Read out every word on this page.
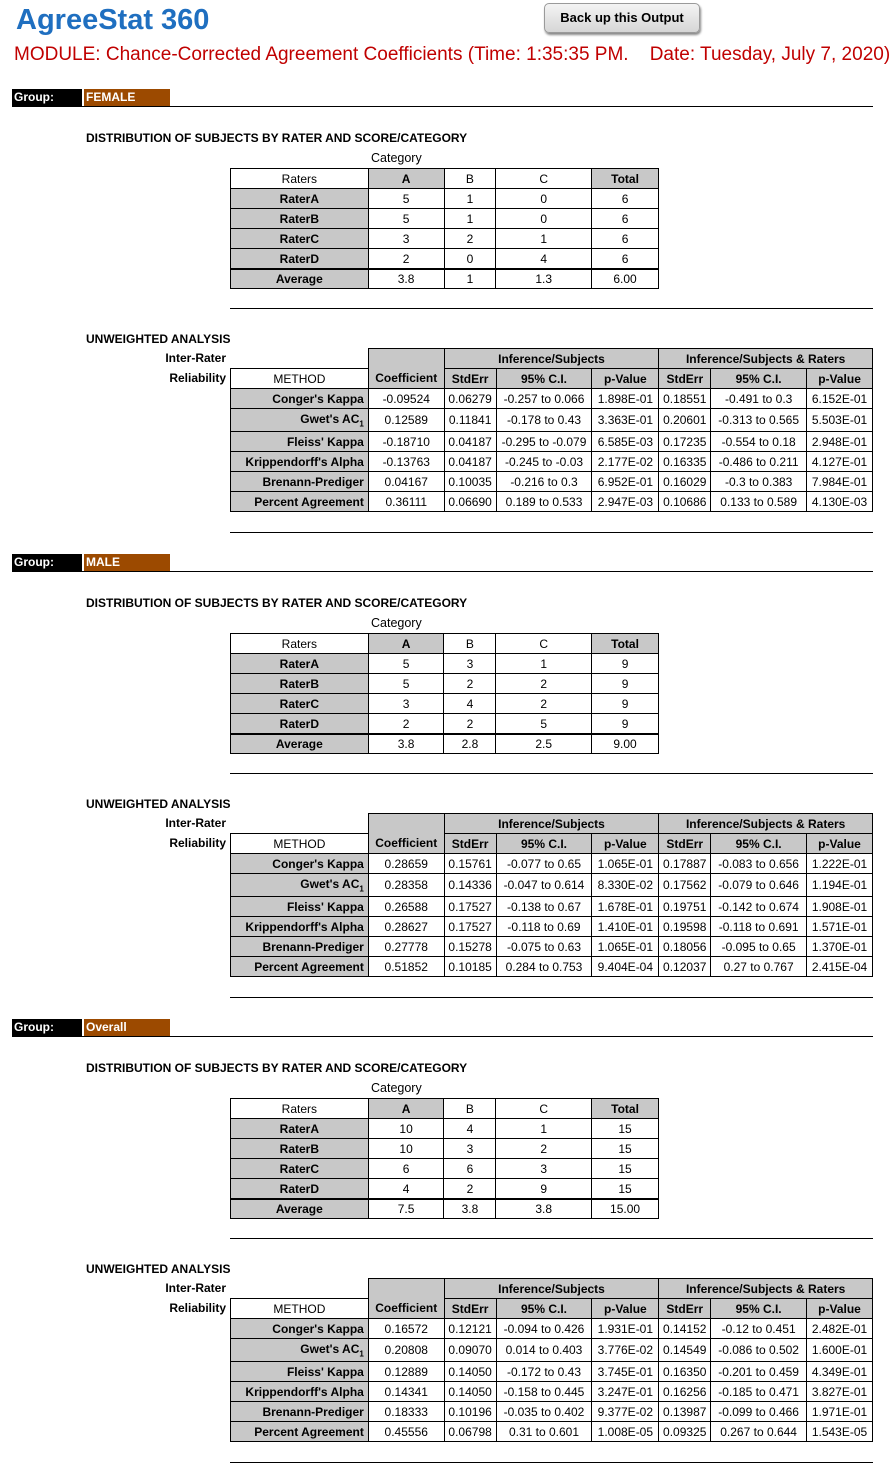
AgreeStat 360	Back up this Output
MODULE: Chance-Corrected Agreement Coefficients (Time: 1:35:35 PM.    Date: Tuesday, July 7, 2020)
Group:	FEMALE
DISTRIBUTION OF SUBJECTS BY RATER AND SCORE/CATEGORY
Category
Raters	A	B	C	Total
RaterA	5	1	0	6
RaterB	5	1	0	6
RaterC	3	2	1	6
RaterD	2	0	4	6
Average	3.8	1	1.3	6.00
UNWEIGHTED ANALYSIS
Inter-Rater
Reliability
		Inference/Subjects			Inference/Subjects & Raters		
METHOD	Coefficient	StdErr	95% C.I.	p-Value	StdErr	95% C.I.	p-Value
Conger's Kappa	-0.09524	0.06279	-0.257 to 0.066	1.898E-01	0.18551	-0.491 to 0.3	6.152E-01
Gwet's $AC_1$	0.12589	0.11841	-0.178 to 0.43	3.363E-01	0.20601	-0.313 to 0.565	5.503E-01
Fleiss' Kappa	-0.18710	0.04187	-0.295 to -0.079	6.585E-03	0.17235	-0.554 to 0.18	2.948E-01
Krippendorff's Alpha	-0.13763	0.04187	-0.245 to -0.03	2.177E-02	0.16335	-0.486 to 0.211	4.127E-01
Brenann-Prediger	0.04167	0.10035	-0.216 to 0.3	6.952E-01	0.16029	-0.3 to 0.383	7.984E-01
Percent Agreement	0.36111	0.06690	0.189 to 0.533	2.947E-03	0.10686	0.133 to 0.589	4.130E-03
Group:	MALE
DISTRIBUTION OF SUBJECTS BY RATER AND SCORE/CATEGORY
Category
Raters	A	B	C	Total
RaterA	5	3	1	9
RaterB	5	2	2	9
RaterC	3	4	2	9
RaterD	2	2	5	9
Average	3.8	2.8	2.5	9.00
UNWEIGHTED ANALYSIS
Inter-Rater
Reliability
		Inference/Subjects			Inference/Subjects & Raters		
METHOD	Coefficient	StdErr	95% C.I.	p-Value	StdErr	95% C.I.	p-Value
Conger's Kappa	0.28659	0.15761	-0.077 to 0.65	1.065E-01	0.17887	-0.083 to 0.656	1.222E-01
Gwet's $AC_1$	0.28358	0.14336	-0.047 to 0.614	8.330E-02	0.17562	-0.079 to 0.646	1.194E-01
Fleiss' Kappa	0.26588	0.17527	-0.138 to 0.67	1.678E-01	0.19751	-0.142 to 0.674	1.908E-01
Krippendorff's Alpha	0.28627	0.17527	-0.118 to 0.69	1.410E-01	0.19598	-0.118 to 0.691	1.571E-01
Brenann-Prediger	0.27778	0.15278	-0.075 to 0.63	1.065E-01	0.18056	-0.095 to 0.65	1.370E-01
Percent Agreement	0.51852	0.10185	0.284 to 0.753	9.404E-04	0.12037	0.27 to 0.767	2.415E-04
Group:	Overall
DISTRIBUTION OF SUBJECTS BY RATER AND SCORE/CATEGORY
Category
Raters	A	B	C	Total
RaterA	10	4	1	15
RaterB	10	3	2	15
RaterC	6	6	3	15
RaterD	4	2	9	15
Average	7.5	3.8	3.8	15.00
UNWEIGHTED ANALYSIS
Inter-Rater
Reliability
		Inference/Subjects			Inference/Subjects & Raters		
METHOD	Coefficient	StdErr	95% C.I.	p-Value	StdErr	95% C.I.	p-Value
Conger's Kappa	0.16572	0.12121	-0.094 to 0.426	1.931E-01	0.14152	-0.12 to 0.451	2.482E-01
Gwet's $AC_1$	0.20808	0.09070	0.014 to 0.403	3.776E-02	0.14549	-0.086 to 0.502	1.600E-01
Fleiss' Kappa	0.12889	0.14050	-0.172 to 0.43	3.745E-01	0.16350	-0.201 to 0.459	4.349E-01
Krippendorff's Alpha	0.14341	0.14050	-0.158 to 0.445	3.247E-01	0.16256	-0.185 to 0.471	3.827E-01
Brenann-Prediger	0.18333	0.10196	-0.035 to 0.402	9.377E-02	0.13987	-0.099 to 0.466	1.971E-01
Percent Agreement	0.45556	0.06798	0.31 to 0.601	1.008E-05	0.09325	0.267 to 0.644	1.543E-05
